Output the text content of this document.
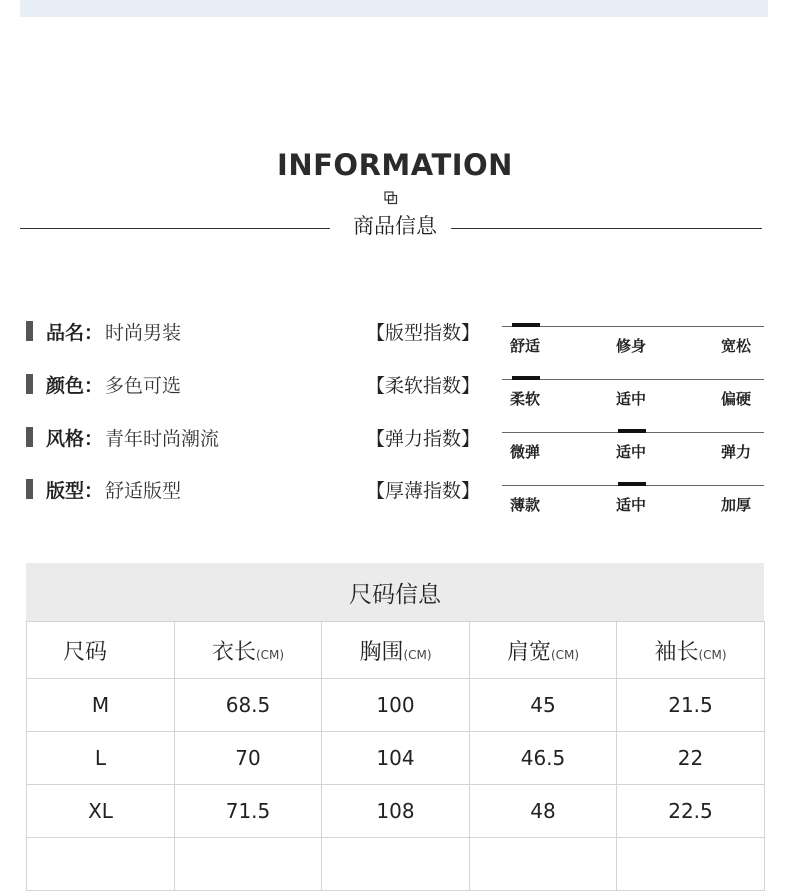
INFORMATION
商品信息
品名 ： 时尚男装
颜色 ： 多色可选
风格 ： 青年时尚潮流
版型 ： 舒适版型
【版型指数】
舒适	修身	宽松
【柔软指数】
柔软	适中	偏硬
【弹力指数】
微弹	适中	弹力
【厚薄指数】
薄款	适中	加厚
尺码信息
尺码	衣长(CM)	胸围(CM)	肩宽(CM)	袖长(CM)
M	68.5	100	45	21.5
L	70	104	46.5	22
XL	71.5	108	48	22.5
